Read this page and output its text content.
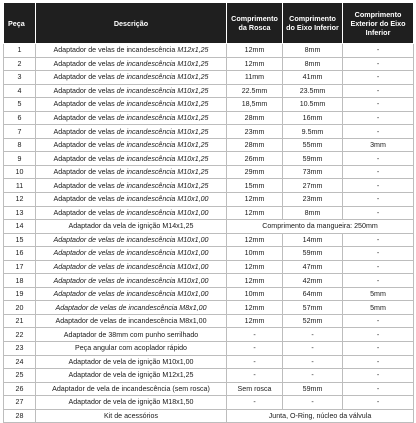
Peça	Descrição	Comprimento da Rosca	Comprimento do Eixo Inferior	Comprimento Exterior do Eixo Inferior
1	Adaptador de velas de incandescência M12x1,25	12mm	8mm	-
2	Adaptador de velas de incandescência M10x1,25	12mm	8mm	-
3	Adaptador de velas de incandescência M10x1,25	11mm	41mm	-
4	Adaptador de velas de incandescência M10x1,25	22.5mm	23.5mm	-
5	Adaptador de velas de incandescência M10x1,25	18,5mm	10.5mm	-
6	Adaptador de velas de incandescência M10x1,25	28mm	16mm	-
7	Adaptador de velas de incandescência M10x1,25	23mm	9.5mm	-
8	Adaptador de velas de incandescência M10x1,25	28mm	55mm	3mm
9	Adaptador de velas de incandescência M10x1,25	26mm	59mm	-
10	Adaptador de velas de incandescência M10x1,25	29mm	73mm	-
11	Adaptador de velas de incandescência M10x1,25	15mm	27mm	-
12	Adaptador de velas de incandescência M10x1,00	12mm	23mm	-
13	Adaptador de velas de incandescência M10x1,00	12mm	8mm	-
14	Adaptador da vela de ignição M14x1,25	Comprimento da mangueira: 250mm		
15	Adaptador de velas de incandescência M10x1,00	12mm	14mm	-
16	Adaptador de velas de incandescência M10x1,00	10mm	59mm	-
17	Adaptador de velas de incandescência M10x1,00	12mm	47mm	-
18	Adaptador de velas de incandescência M10x1,00	12mm	42mm	-
19	Adaptador de velas de incandescência M10x1,00	10mm	64mm	5mm
20	Adaptador de velas de incandescência M8x1,00	12mm	57mm	5mm
21	Adaptador de velas de incandescência M8x1,00	12mm	52mm	-
22	Adaptador de 38mm com punho serrilhado	-	-	-
23	Peça angular com acoplador rápido	-	-	-
24	Adaptador de vela de ignição M10x1,00	-	-	-
25	Adaptador de vela de ignição M12x1,25	-	-	-
26	Adaptador de vela de incandescência (sem rosca)	Sem rosca	59mm	-
27	Adaptador de vela de ignição M18x1,50	-	-	-
28	Kit de acessórios	Junta, O-Ring, núcleo da válvula		
